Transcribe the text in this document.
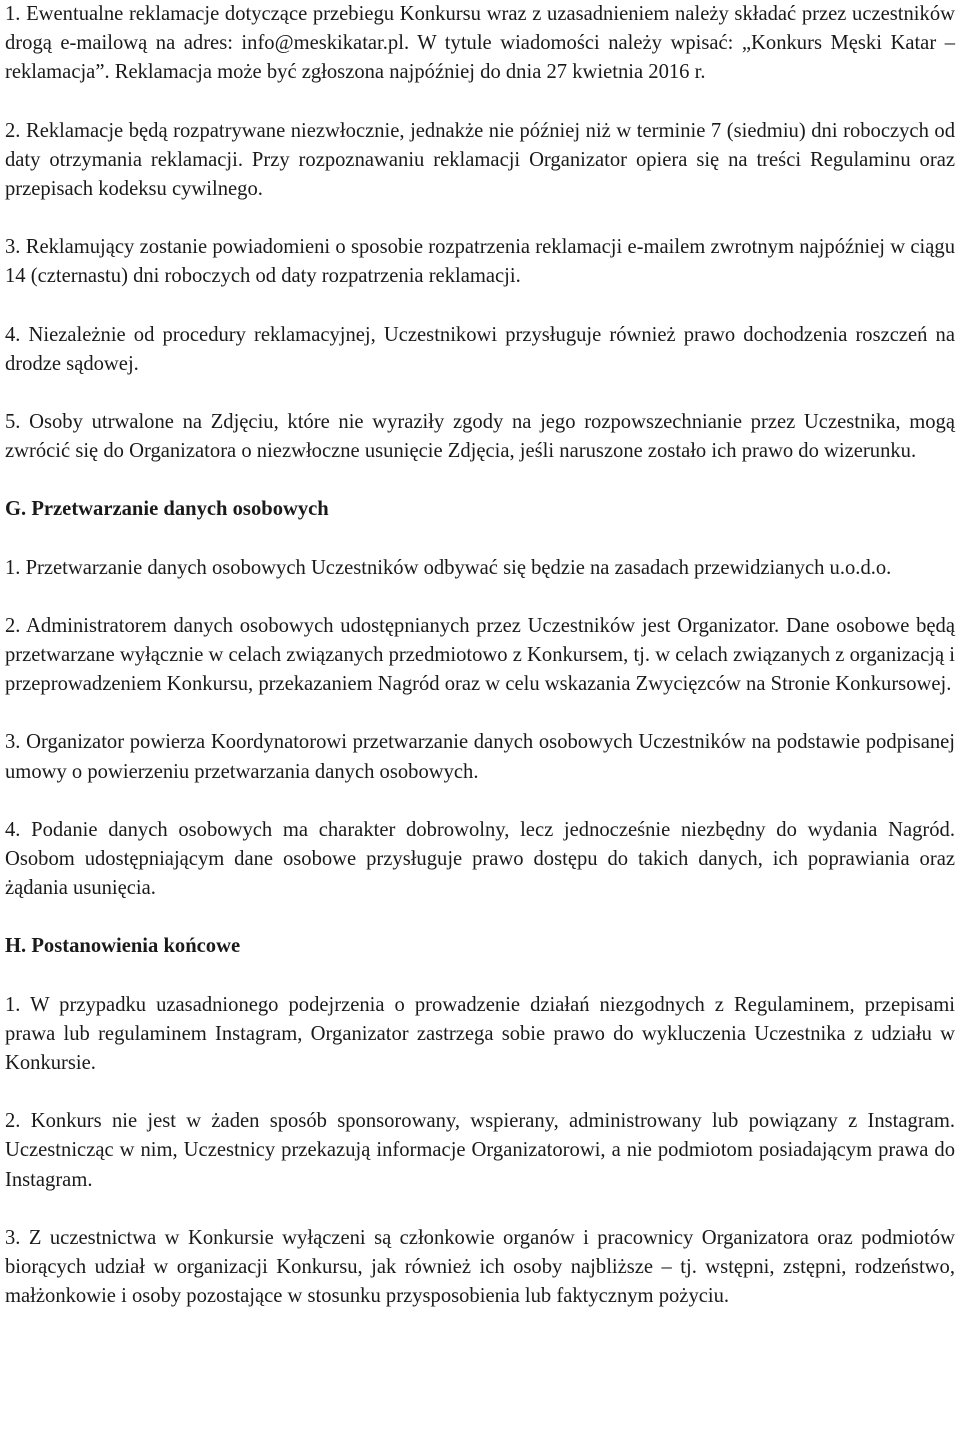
1. Ewentualne reklamacje dotyczące przebiegu Konkursu wraz z uzasadnieniem należy składać przez uczestników drogą e-mailową na adres: info@meskikatar.pl. W tytule wiadomości należy wpisać: „Konkurs Męski Katar – reklamacja”. Reklamacja może być zgłoszona najpóźniej do dnia 27 kwietnia 2016 r.

2. Reklamacje będą rozpatrywane niezwłocznie, jednakże nie później niż w terminie 7 (siedmiu) dni roboczych od daty otrzymania reklamacji. Przy rozpoznawaniu reklamacji Organizator opiera się na treści Regulaminu oraz przepisach kodeksu cywilnego.

3. Reklamujący zostanie powiadomieni o sposobie rozpatrzenia reklamacji e-mailem zwrotnym najpóźniej w ciągu 14 (czternastu) dni roboczych od daty rozpatrzenia reklamacji.

4. Niezależnie od procedury reklamacyjnej, Uczestnikowi przysługuje również prawo dochodzenia roszczeń na drodze sądowej.

5. Osoby utrwalone na Zdjęciu, które nie wyraziły zgody na jego rozpowszechnianie przez Uczestnika, mogą zwrócić się do Organizatora o niezwłoczne usunięcie Zdjęcia, jeśli naruszone zostało ich prawo do wizerunku.

G. Przetwarzanie danych osobowych

1. Przetwarzanie danych osobowych Uczestników odbywać się będzie na zasadach przewidzianych u.o.d.o.

2. Administratorem danych osobowych udostępnianych przez Uczestników jest Organizator. Dane osobowe będą przetwarzane wyłącznie w celach związanych przedmiotowo z Konkursem, tj. w celach związanych z organizacją i przeprowadzeniem Konkursu, przekazaniem Nagród oraz w celu wskazania Zwycięzców na Stronie Konkursowej.

3. Organizator powierza Koordynatorowi przetwarzanie danych osobowych Uczestników na podstawie podpisanej umowy o powierzeniu przetwarzania danych osobowych.

4. Podanie danych osobowych ma charakter dobrowolny, lecz jednocześnie niezbędny do wydania Nagród. Osobom udostępniającym dane osobowe przysługuje prawo dostępu do takich danych, ich poprawiania oraz żądania usunięcia.

H. Postanowienia końcowe

1. W przypadku uzasadnionego podejrzenia o prowadzenie działań niezgodnych z Regulaminem, przepisami prawa lub regulaminem Instagram, Organizator zastrzega sobie prawo do wykluczenia Uczestnika z udziału w Konkursie.

2. Konkurs nie jest w żaden sposób sponsorowany, wspierany, administrowany lub powiązany z Instagram. Uczestnicząc w nim, Uczestnicy przekazują informacje Organizatorowi, a nie podmiotom posiadającym prawa do Instagram.

3. Z uczestnictwa w Konkursie wyłączeni są członkowie organów i pracownicy Organizatora oraz podmiotów biorących udział w organizacji Konkursu, jak również ich osoby najbliższe – tj. wstępni, zstępni, rodzeństwo, małżonkowie i osoby pozostające w stosunku przysposobienia lub faktycznym pożyciu.
